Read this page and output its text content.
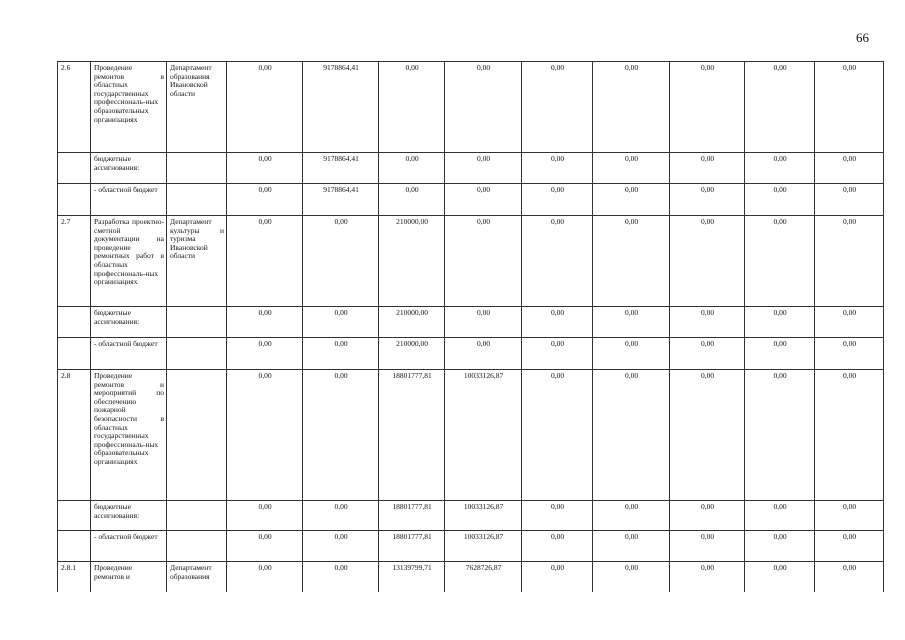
66
2.6	Проведение ремонтов в областных государственных профессиональ-ных образовательных организациях	Департамент образования Ивановской области	0,00	9178864,41	0,00	0,00	0,00	0,00	0,00	0,00	0,00
	бюджетные ассигнования:		0,00	9178864,41	0,00	0,00	0,00	0,00	0,00	0,00	0,00
	- областной бюджет		0,00	9178864,41	0,00	0,00	0,00	0,00	0,00	0,00	0,00
2.7	Разработка проектно-сметной документации на проведение ремонтных работ в областных профессиональ-ных организациях	Департамент культуры и туризма Ивановской области	0,00	0,00	210000,00	0,00	0,00	0,00	0,00	0,00	0,00
	бюджетные ассигнования:		0,00	0,00	210000,00	0,00	0,00	0,00	0,00	0,00	0,00
	- областной бюджет		0,00	0,00	210000,00	0,00	0,00	0,00	0,00	0,00	0,00
2.8	Проведение ремонтов и мероприятий по обеспечению пожарной безопасности в областных государственных профессиональ-ных образовательных организациях		0,00	0,00	18801777,81	10033126,87	0,00	0,00	0,00	0,00	0,00
	бюджетные ассигнования:		0,00	0,00	18801777,81	10033126,87	0,00	0,00	0,00	0,00	0,00
	- областной бюджет		0,00	0,00	18801777,81	10033126,87	0,00	0,00	0,00	0,00	0,00
2.8.1	Проведение ремонтов и	Департамент образования	0,00	0,00	13139799,71	7628726,87	0,00	0,00	0,00	0,00	0,00
